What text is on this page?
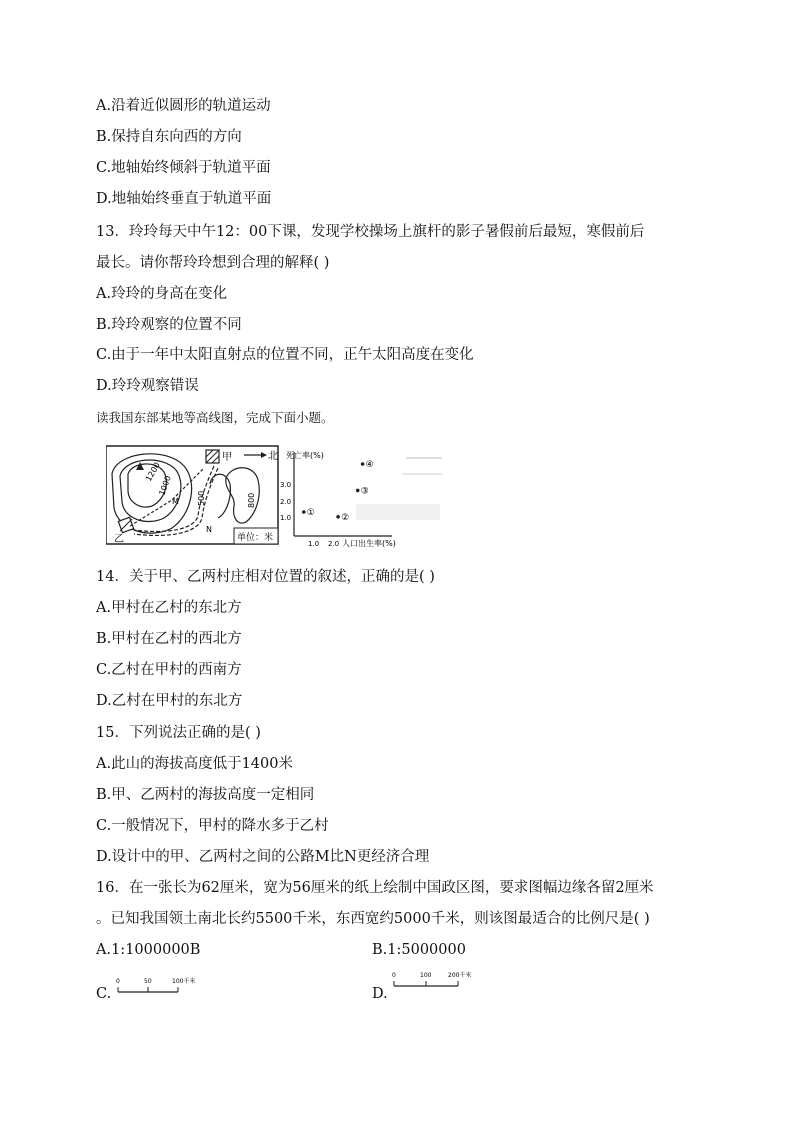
A.沿着近似圆形的轨道运动
B.保持自东向西的方向
C.地轴始终倾斜于轨道平面
D.地轴始终垂直于轨道平面
13．玲玲每天中午12：00下课，发现学校操场上旗杆的影子暑假前后最短，寒假前后
最长。请你帮玲玲想到合理的解释( )
A.玲玲的身高在变化
B.玲玲观察的位置不同
C.由于一年中太阳直射点的位置不同，正午太阳高度在变化
D.玲玲观察错误
读我国东部某地等高线图，完成下面小题。
北
1200
1000
500	800
甲
乙
M
N
单位：米
死亡率(%)
人口出生率(%)
3.0
2.0
1.0
1.0 2.0
①	②
③
④
14．关于甲、乙两村庄相对位置的叙述，正确的是( )
A.甲村在乙村的东北方
B.甲村在乙村的西北方
C.乙村在甲村的西南方
D.乙村在甲村的东北方
15．下列说法正确的是( )
A.此山的海拔高度低于1400米
B.甲、乙两村的海拔高度一定相同
C.一般情况下，甲村的降水多于乙村
D.设计中的甲、乙两村之间的公路M比N更经济合理
16．在一张长为62厘米，宽为56厘米的纸上绘制中国政区图，要求图幅边缘各留2厘米
。已知我国领土南北长约5500千米，东西宽约5000千米，则该图最适合的比例尺是( )
A.1:1000000B	B.1:5000000
C.
0	50	100千米
D.
0	100	200千米
